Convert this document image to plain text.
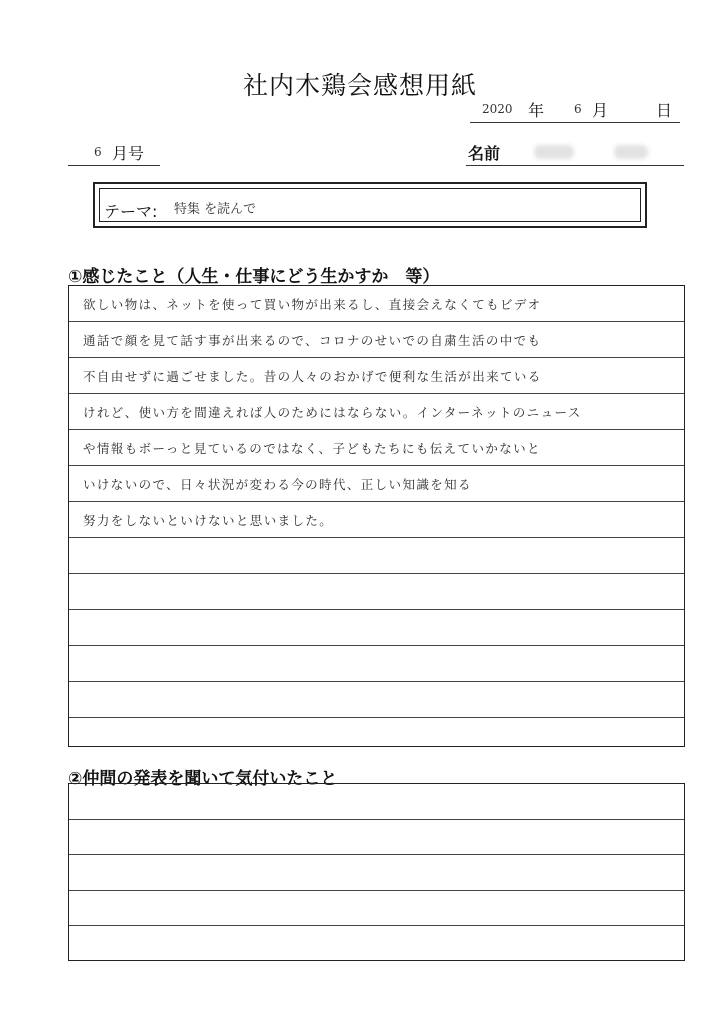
社内木鶏会感想用紙
2020 年 6 月	日
6 月号	名前
テーマ: 特集 を読んで
①感じたこと（人生・仕事にどう生かすか　等）
欲しい物は、ネットを使って買い物が出来るし、直接会えなくてもビデオ
通話で顔を見て話す事が出来るので、コロナのせいでの自粛生活の中でも
不自由せずに過ごせました。昔の人々のおかげで便利な生活が出来ている
けれど、使い方を間違えれば人のためにはならない。インターネットのニュース
や情報もボーっと見ているのではなく、子どもたちにも伝えていかないと
いけないので、日々状況が変わる今の時代、正しい知識を知る
努力をしないといけないと思いました。
②仲間の発表を聞いて気付いたこと
